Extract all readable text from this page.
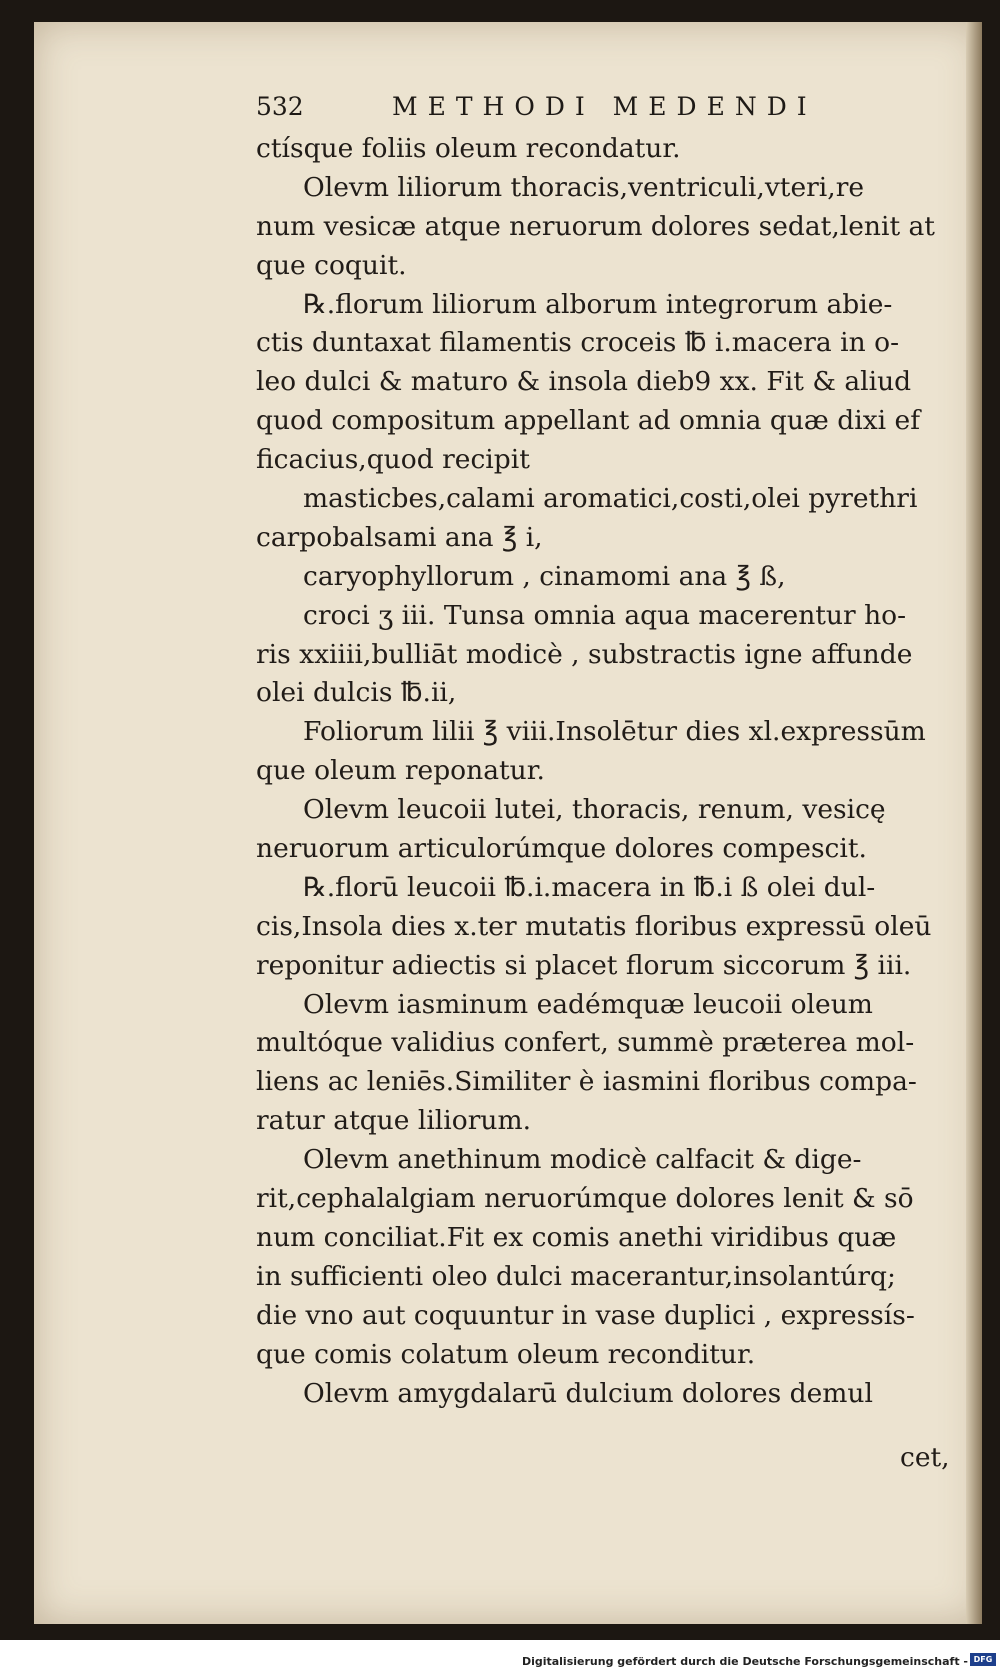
532	METHODI MEDENDI
ctísque foliis oleum recondatur.
Olevm liliorum thoracis,ventriculi,vteri,re
num vesicæ atque neruorum dolores sedat,lenit at
que coquit.
℞.florum liliorum alborum integrorum abie-
ctis duntaxat filamentis croceis ℔ i.macera in o-
leo dulci & maturo & insola dieb9 xx. Fit & aliud
quod compositum appellant ad omnia quæ dixi ef
ficacius,quod recipit
masticbes,calami aromatici,costi,olei pyrethri
carpobalsami ana ℥ i,
caryophyllorum , cinamomi ana ℥ ß,
croci ʒ iii. Tunsa omnia aqua macerentur ho-
ris xxiiii,bulliāt modicè , substractis igne affunde
olei dulcis ℔.ii,
Foliorum lilii ℥ viii.Insolētur dies xl.expressūm
que oleum reponatur.
Olevm leucoii lutei, thoracis, renum, vesicę
neruorum articulorúmque dolores compescit.
℞.florū leucoii ℔.i.macera in ℔.i ß olei dul-
cis,Insola dies x.ter mutatis floribus expressū oleū
reponitur adiectis si placet florum siccorum ℥ iii.
Olevm iasminum eadémquæ leucoii oleum
multóque validius confert, summè præterea mol-
liens ac leniēs.Similiter è iasmini floribus compa-
ratur atque liliorum.
Olevm anethinum modicè calfacit & dige-
rit,cephalalgiam neruorúmque dolores lenit & sō
num conciliat.Fit ex comis anethi viridibus quæ
in sufficienti oleo dulci macerantur,insolantúrq;
die vno aut coquuntur in vase duplici , expressís-
que comis colatum oleum reconditur.
Olevm amygdalarū dulcium dolores demul
cet,
Digitalisierung gefördert durch die Deutsche Forschungsgemeinschaft - DFG
